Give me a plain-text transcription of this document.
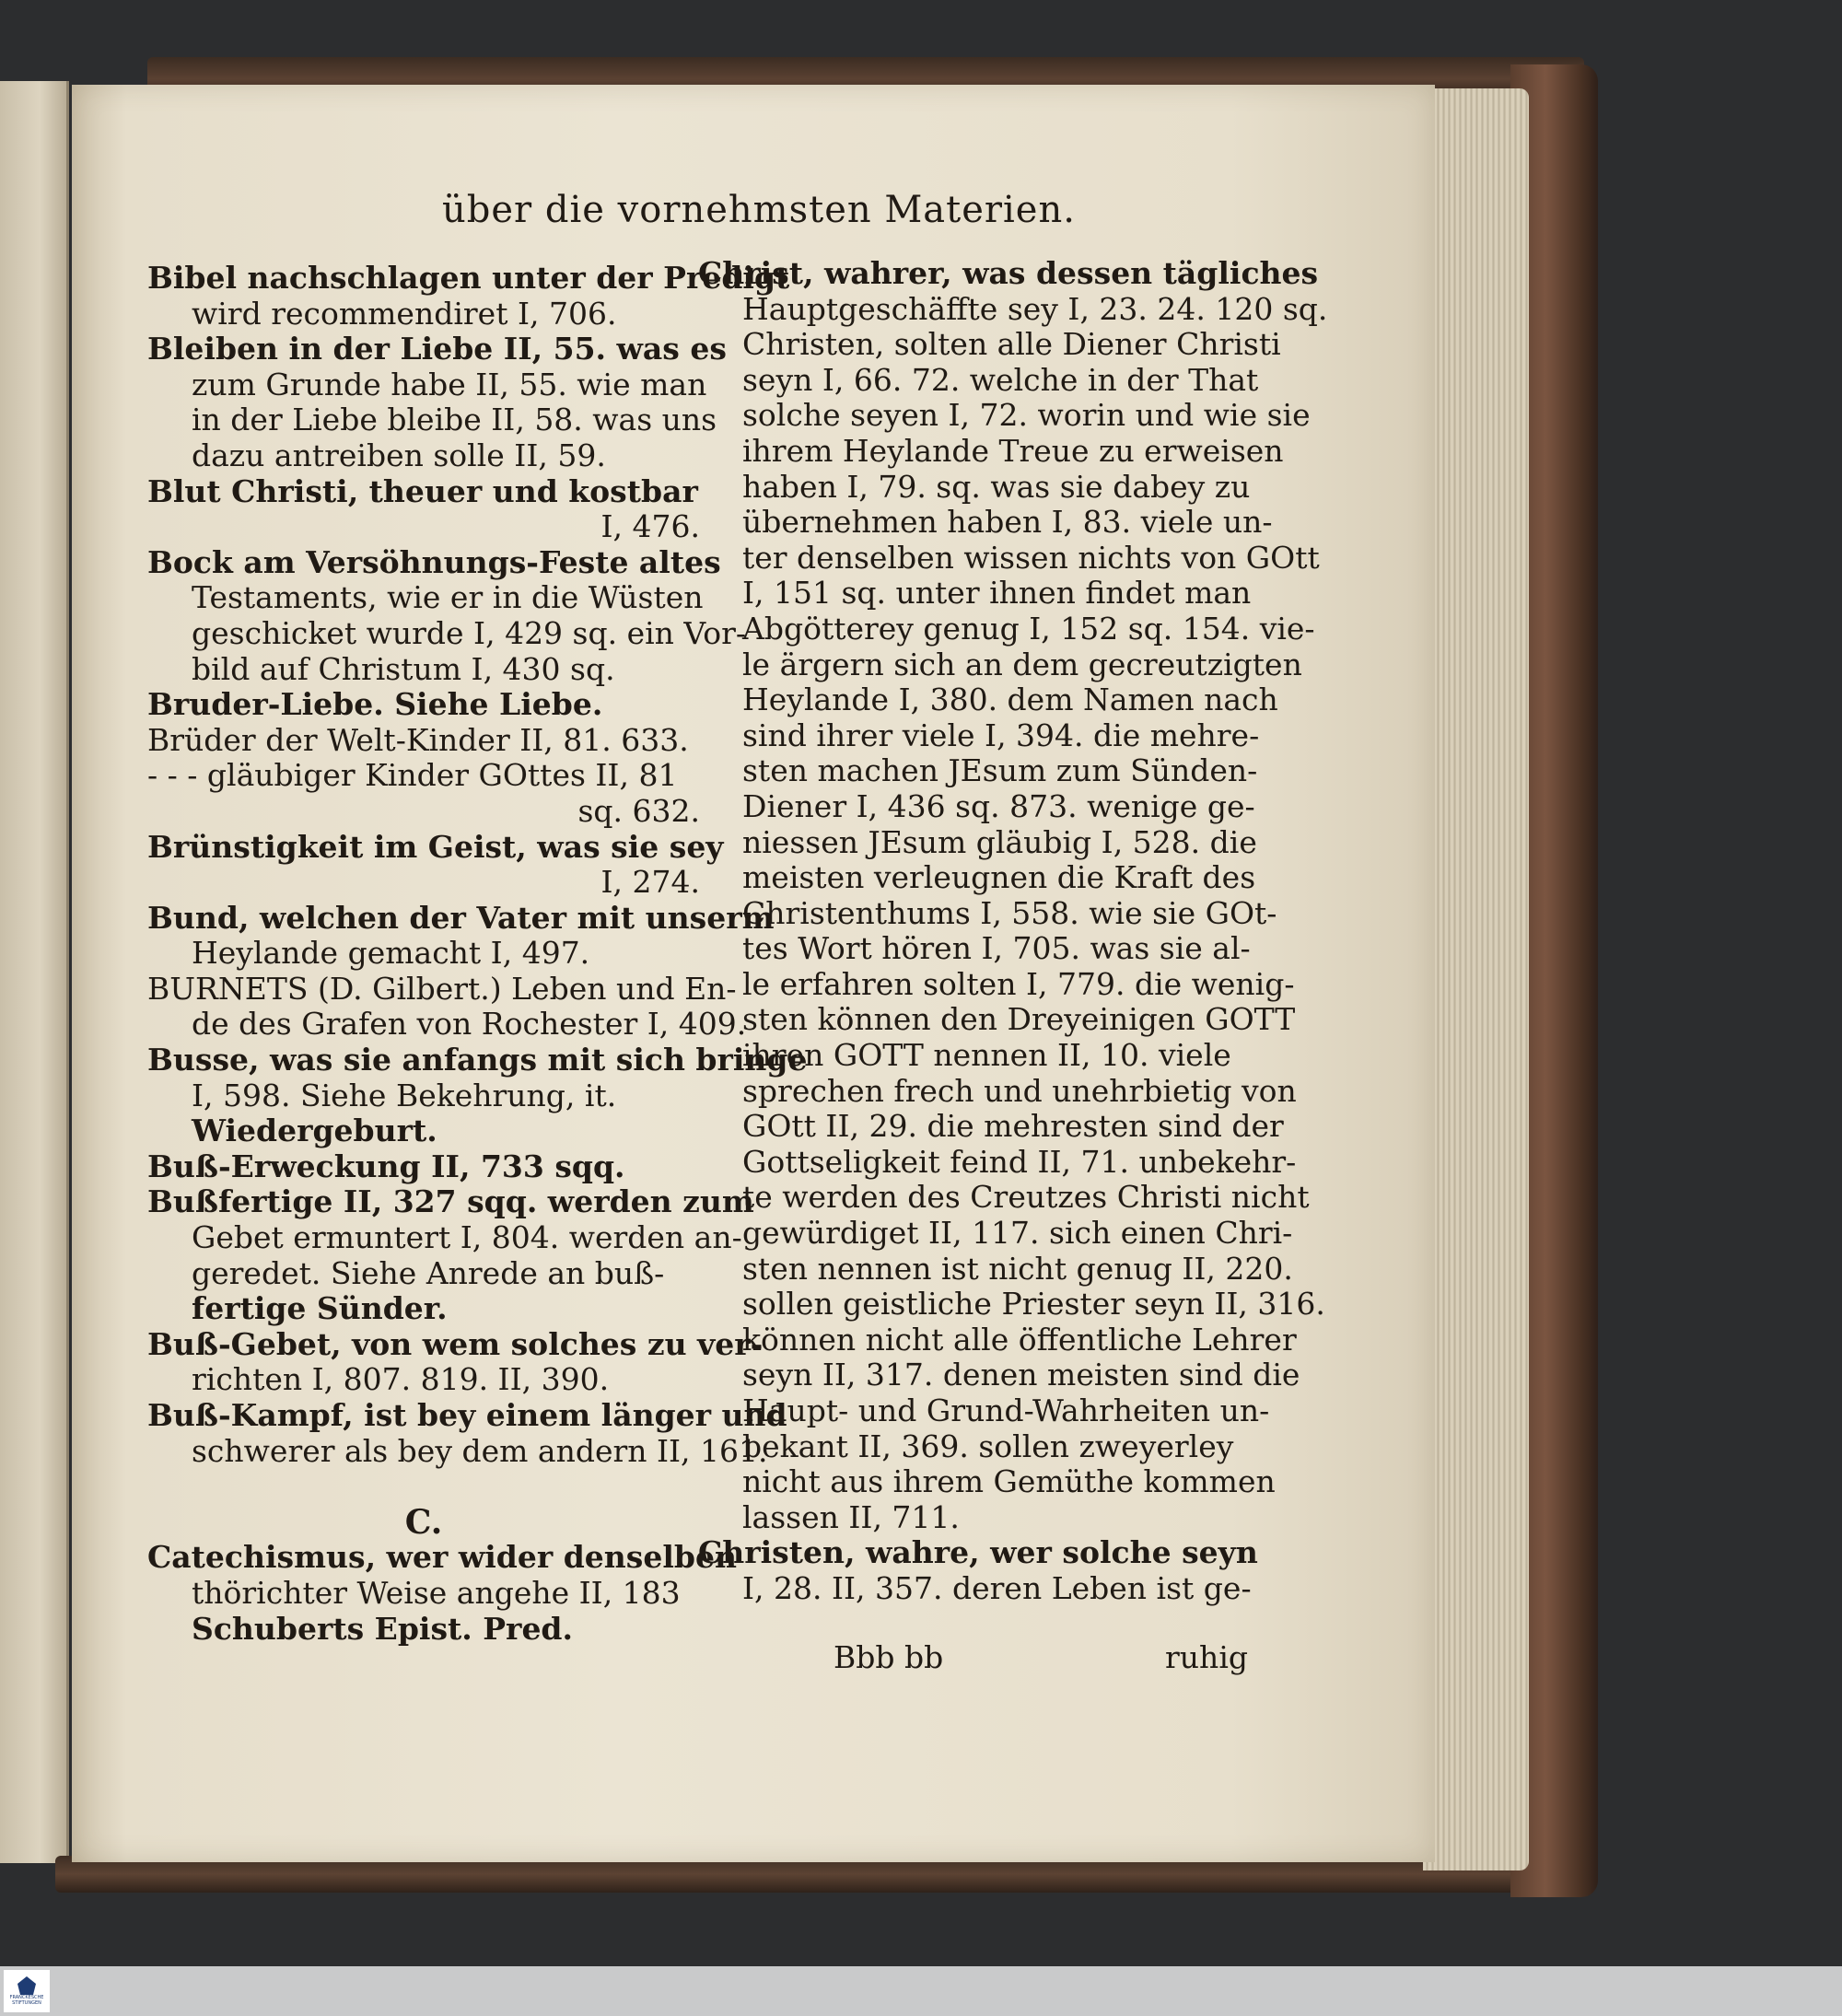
über die vornehmsten Materien.
Bibel nachschlagen unter der Predigt
wird recommendiret I, 706.
Bleiben in der Liebe II, 55. was es
zum Grunde habe II, 55. wie man
in der Liebe bleibe II, 58. was uns
dazu antreiben solle II, 59.
Blut Christi, theuer und kostbar
I, 476.
Bock am Versöhnungs-Feste altes
Testaments, wie er in die Wüsten
geschicket wurde I, 429 sq. ein Vor-
bild auf Christum I, 430 sq.
Bruder-Liebe. Siehe Liebe.
Brüder der Welt-Kinder II, 81. 633.
- - - gläubiger Kinder GOttes II, 81
sq. 632.
Brünstigkeit im Geist, was sie sey
I, 274.
Bund, welchen der Vater mit unserm
Heylande gemacht I, 497.
BURNETS (D. Gilbert.) Leben und En-
de des Grafen von Rochester I, 409.
Busse, was sie anfangs mit sich bringe
I, 598. Siehe Bekehrung, it.
Wiedergeburt.
Buß-Erweckung II, 733 sqq.
Bußfertige II, 327 sqq. werden zum
Gebet ermuntert I, 804. werden an-
geredet. Siehe Anrede an buß-
fertige Sünder.
Buß-Gebet, von wem solches zu ver-
richten I, 807. 819. II, 390.
Buß-Kampf, ist bey einem länger und
schwerer als bey dem andern II, 161.
C.
Catechismus, wer wider denselben
thörichter Weise angehe II, 183
Schuberts Epist. Pred.
Christ, wahrer, was dessen tägliches
Hauptgeschäffte sey I, 23. 24. 120 sq.
Christen, solten alle Diener Christi
seyn I, 66. 72. welche in der That
solche seyen I, 72. worin und wie sie
ihrem Heylande Treue zu erweisen
haben I, 79. sq. was sie dabey zu
übernehmen haben I, 83. viele un-
ter denselben wissen nichts von GOtt
I, 151 sq. unter ihnen findet man
Abgötterey genug I, 152 sq. 154. vie-
le ärgern sich an dem gecreutzigten
Heylande I, 380. dem Namen nach
sind ihrer viele I, 394. die mehre-
sten machen JEsum zum Sünden-
Diener I, 436 sq. 873. wenige ge-
niessen JEsum gläubig I, 528. die
meisten verleugnen die Kraft des
Christenthums I, 558. wie sie GOt-
tes Wort hören I, 705. was sie al-
le erfahren solten I, 779. die wenig-
sten können den Dreyeinigen GOTT
ihren GOTT nennen II, 10. viele
sprechen frech und unehrbietig von
GOtt II, 29. die mehresten sind der
Gottseligkeit feind II, 71. unbekehr-
te werden des Creutzes Christi nicht
gewürdiget II, 117. sich einen Chri-
sten nennen ist nicht genug II, 220.
sollen geistliche Priester seyn II, 316.
können nicht alle öffentliche Lehrer
seyn II, 317. denen meisten sind die
Haupt- und Grund-Wahrheiten un-
bekant II, 369. sollen zweyerley
nicht aus ihrem Gemüthe kommen
lassen II, 711.
Christen, wahre, wer solche seyn
I, 28. II, 357. deren Leben ist ge-
Bbb bb	ruhig
FRANCKESCHE
STIFTUNGEN
